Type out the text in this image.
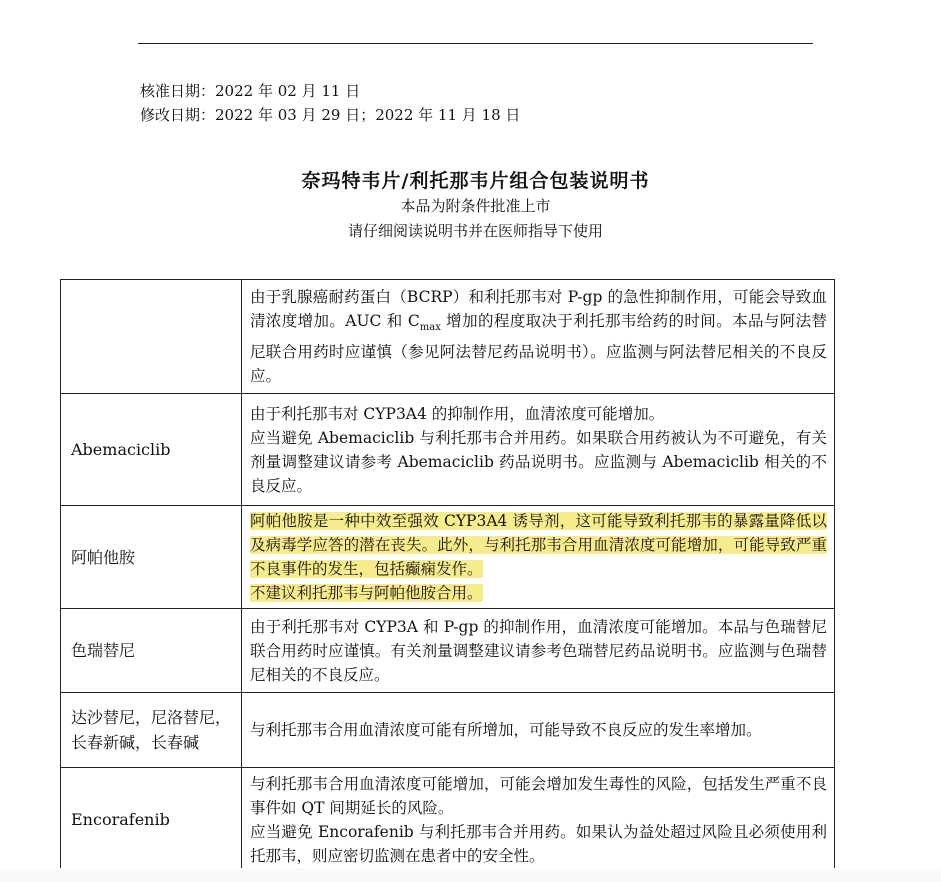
核准日期：2022 年 02 月 11 日
修改日期：2022 年 03 月 29 日；2022 年 11 月 18 日
奈玛特韦片/利托那韦片组合包装说明书
本品为附条件批准上市
请仔细阅读说明书并在医师指导下使用

	由于乳腺癌耐药蛋白（BCRP）和利托那韦对 P-gp 的急性抑制作用，可能会导致血清浓度增加。AUC 和 $C_{max}$ 增加的程度取决于利托那韦给药的时间。本品与阿法替尼联合用药时应谨慎（参见阿法替尼药品说明书）。应监测与阿法替尼相关的不良反应。

Abemaciclib	由于利托那韦对 CYP3A4 的抑制作用，血清浓度可能增加。

应当避免 Abemaciclib 与利托那韦合并用药。如果联合用药被认为不可避免，有关剂量调整建议请参考 Abemaciclib 药品说明书。应监测与 Abemaciclib 相关的不良反应。

阿帕他胺	阿帕他胺是一种中效至强效 CYP3A4 诱导剂，这可能导致利托那韦的暴露量降低以及病毒学应答的潜在丧失。此外，与利托那韦合用血清浓度可能增加，可能导致严重不良事件的发生，包括癫痫发作。

不建议利托那韦与阿帕他胺合用。

色瑞替尼	由于利托那韦对 CYP3A 和 P-gp 的抑制作用，血清浓度可能增加。本品与色瑞替尼联合用药时应谨慎。有关剂量调整建议请参考色瑞替尼药品说明书。应监测与色瑞替尼相关的不良反应。

达沙替尼，尼洛替尼，长春新碱，长春碱	与利托那韦合用血清浓度可能有所增加，可能导致不良反应的发生率增加。

Encorafenib	与利托那韦合用血清浓度可能增加，可能会增加发生毒性的风险，包括发生严重不良事件如 QT 间期延长的风险。

应当避免 Encorafenib 与利托那韦合并用药。如果认为益处超过风险且必须使用利托那韦，则应密切监测在患者中的安全性。
